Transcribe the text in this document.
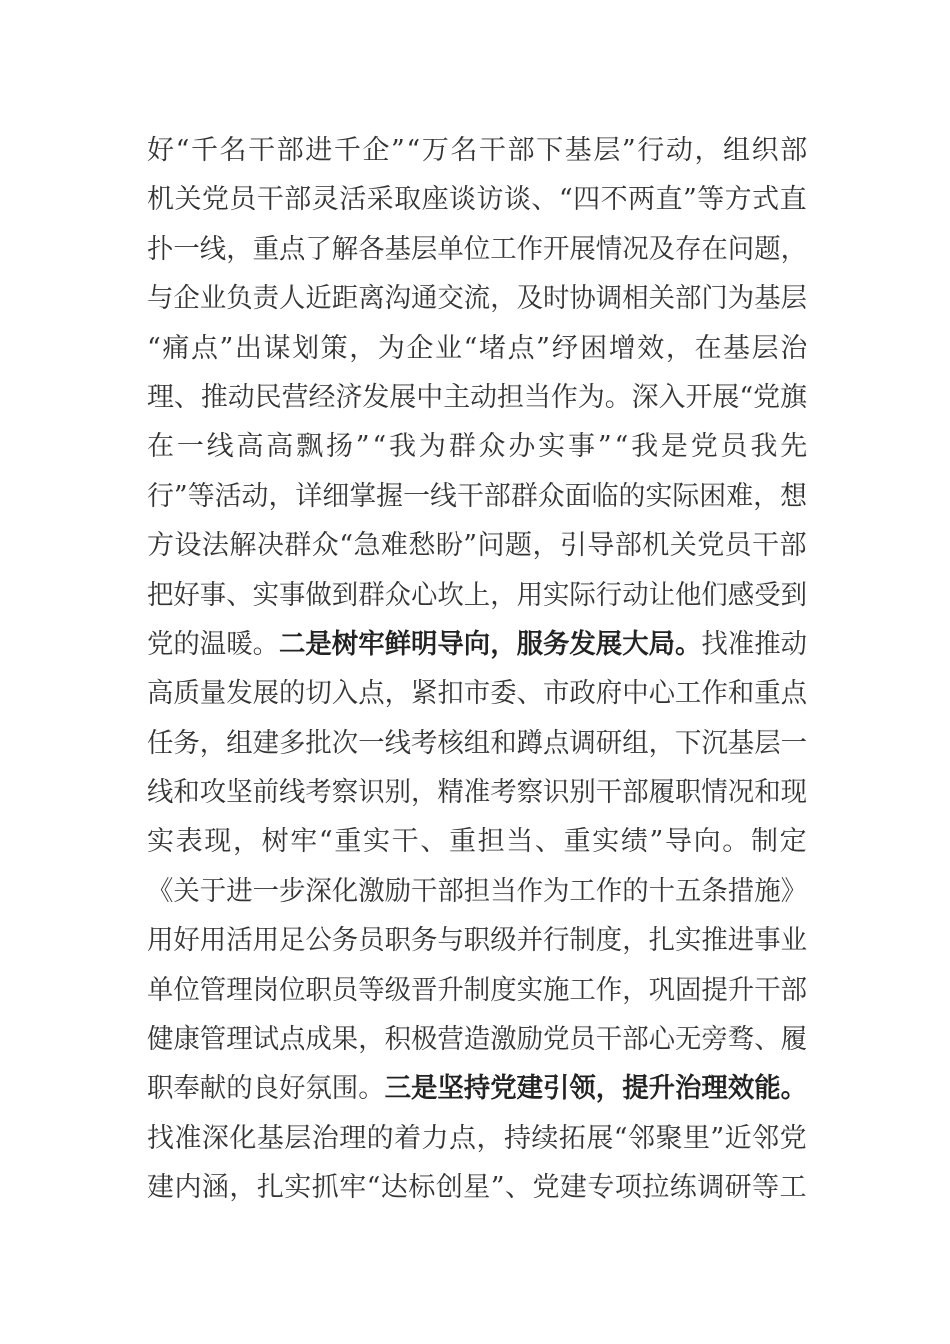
好“千名干部进千企”“万名干部下基层”行动，组织部
机关党员干部灵活采取座谈访谈、“四不两直”等方式直
扑一线，重点了解各基层单位工作开展情况及存在问题，
与企业负责人近距离沟通交流，及时协调相关部门为基层
“痛点”出谋划策，为企业“堵点”纾困增效，在基层治
理、推动民营经济发展中主动担当作为。深入开展“党旗
在一线高高飘扬”“我为群众办实事”“我是党员我先
行”等活动，详细掌握一线干部群众面临的实际困难，想
方设法解决群众“急难愁盼”问题，引导部机关党员干部
把好事、实事做到群众心坎上，用实际行动让他们感受到
党的温暖。二是树牢鲜明导向，服务发展大局。找准推动
高质量发展的切入点，紧扣市委、市政府中心工作和重点
任务，组建多批次一线考核组和蹲点调研组，下沉基层一
线和攻坚前线考察识别，精准考察识别干部履职情况和现
实表现，树牢“重实干、重担当、重实绩”导向。制定
《关于进一步深化激励干部担当作为工作的十五条措施》
用好用活用足公务员职务与职级并行制度，扎实推进事业
单位管理岗位职员等级晋升制度实施工作，巩固提升干部
健康管理试点成果，积极营造激励党员干部心无旁骛、履
职奉献的良好氛围。三是坚持党建引领，提升治理效能。
找准深化基层治理的着力点，持续拓展“邻聚里”近邻党
建内涵，扎实抓牢“达标创星”、党建专项拉练调研等工
